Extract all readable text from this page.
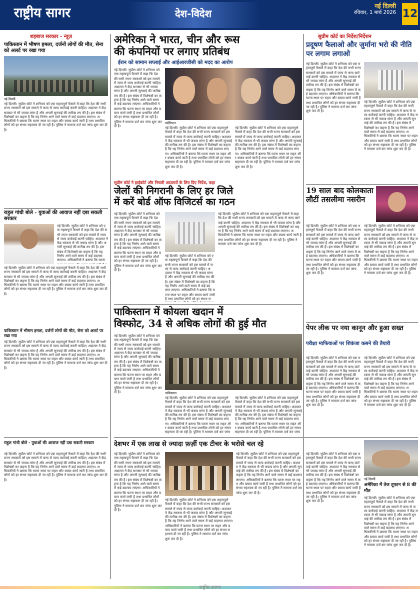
राष्ट्रीय सागर	देश-विदेश
नई दिल्ली
रविवार, 1 मार्च 2026 12
शहबाज सरकार - न्यूज़
पाकिस्तान में भीषण हमला, दर्जनों लोगों की मौत, सेना को अलर्ट पर रखा गया
नई दिल्ली
नई दिल्ली। सुप्रीम कोर्ट ने शनिवार को एक महत्वपूर्ण फैसले में कहा कि देश की सभी राज्य सरकारों को इस मामले में जल्द से जल्द कार्रवाई करनी चाहिए। अदालत ने केंद्र सरकार से भी जवाब मांगा है और अगली सुनवाई की तारीख तय की है। इस संबंध में विशेषज्ञों का कहना है कि यह निर्णय आने वाले समय में कई बदलाव लाएगा। अधिकारियों ने बताया कि घटना स्थल पर राहत और बचाव कार्य जारी है तथा प्रभावित लोगों को हर संभव सहायता दी जा रही है। पुलिस ने मामला दर्ज कर जांच शुरू कर दी है।
राहुल गांधी बोले - युवाओं की आवाज नहीं दबा सकती सरकार
नई दिल्ली। सुप्रीम कोर्ट ने शनिवार को एक महत्वपूर्ण फैसले में कहा कि देश की सभी राज्य सरकारों को इस मामले में जल्द से जल्द कार्रवाई करनी चाहिए। अदालत ने केंद्र सरकार से भी जवाब मांगा है और अगली सुनवाई की तारीख तय की है। इस संबंध में विशेषज्ञों का कहना है कि यह निर्णय आने वाले समय में कई बदलाव लाएगा। अधिकारियों ने बताया कि घटना
नई दिल्ली। सुप्रीम कोर्ट ने शनिवार को एक महत्वपूर्ण फैसले में कहा कि देश की सभी राज्य सरकारों को इस मामले में जल्द से जल्द कार्रवाई करनी चाहिए। अदालत ने केंद्र सरकार से भी जवाब मांगा है और अगली सुनवाई की तारीख तय की है। इस संबंध में विशेषज्ञों का कहना है कि यह निर्णय आने वाले समय में कई बदलाव लाएगा। अधिकारियों ने बताया कि घटना स्थल पर राहत और बचाव कार्य जारी है तथा प्रभावित लोगों को हर संभव सहायता दी जा रही है। पुलिस ने मामला दर्ज कर जांच शुरू कर दी है।
पाकिस्तान में भीषण हमला, दर्जनों लोगों की मौत, सेना को अलर्ट पर रखा गया
नई दिल्ली। सुप्रीम कोर्ट ने शनिवार को एक महत्वपूर्ण फैसले में कहा कि देश की सभी राज्य सरकारों को इस मामले में जल्द से जल्द कार्रवाई करनी चाहिए। अदालत ने केंद्र सरकार से भी जवाब मांगा है और अगली सुनवाई की तारीख तय की है। इस संबंध में विशेषज्ञों का कहना है कि यह निर्णय आने वाले समय में कई बदलाव लाएगा। अधिकारियों ने बताया कि घटना स्थल पर राहत और बचाव कार्य जारी है तथा प्रभावित लोगों को हर संभव सहायता दी जा रही है। पुलिस ने मामला दर्ज कर जांच शुरू कर दी है।
राहुल गांधी बोले - युवाओं की आवाज नहीं दबा सकती सरकार
नई दिल्ली। सुप्रीम कोर्ट ने शनिवार को एक महत्वपूर्ण फैसले में कहा कि देश की सभी राज्य सरकारों को इस मामले में जल्द से जल्द कार्रवाई करनी चाहिए। अदालत ने केंद्र सरकार से भी जवाब मांगा है और अगली सुनवाई की तारीख तय की है। इस संबंध में विशेषज्ञों का कहना है कि यह निर्णय आने वाले समय में कई बदलाव लाएगा। अधिकारियों ने बताया कि घटना स्थल पर राहत और बचाव कार्य जारी है तथा प्रभावित लोगों को हर संभव सहायता दी जा रही है। पुलिस ने मामला दर्ज कर जांच शुरू कर दी है।
अमेरिका ने भारत, चीन और रूस
की कंपनियों पर लगाए प्रतिबंध
ईरान को सामान सप्लाई और आईआरजीसी को मदद का आरोप
नई दिल्ली। सुप्रीम कोर्ट ने शनिवार को एक महत्वपूर्ण फैसले में कहा कि देश की सभी राज्य सरकारों को इस मामले में जल्द से जल्द कार्रवाई करनी चाहिए। अदालत ने केंद्र सरकार से भी जवाब मांगा है और अगली सुनवाई की तारीख तय की है। इस संबंध में विशेषज्ञों का कहना है कि यह निर्णय आने वाले समय में कई बदलाव लाएगा। अधिकारियों ने बताया कि घटना स्थल पर राहत और बचाव कार्य जारी है तथा प्रभावित लोगों को हर संभव सहायता दी जा रही है। पुलिस ने मामला दर्ज कर जांच शुरू कर दी है।
वाशिंगटन
नई दिल्ली। सुप्रीम कोर्ट ने शनिवार को एक महत्वपूर्ण फैसले में कहा कि देश की सभी राज्य सरकारों को इस मामले में जल्द से जल्द कार्रवाई करनी चाहिए। अदालत ने केंद्र सरकार से भी जवाब मांगा है और अगली सुनवाई की तारीख तय की है। इस संबंध में विशेषज्ञों का कहना है कि यह निर्णय आने वाले समय में कई बदलाव लाएगा। अधिकारियों ने बताया कि घटना स्थल पर राहत और बचाव कार्य जारी है तथा प्रभावित लोगों को हर संभव सहायता दी जा रही है। पुलिस ने मामला दर्ज कर जांच शुरू कर दी है।
नई दिल्ली। सुप्रीम कोर्ट ने शनिवार को एक महत्वपूर्ण फैसले में कहा कि देश की सभी राज्य सरकारों को इस मामले में जल्द से जल्द कार्रवाई करनी चाहिए। अदालत ने केंद्र सरकार से भी जवाब मांगा है और अगली सुनवाई की तारीख तय की है। इस संबंध में विशेषज्ञों का कहना है कि यह निर्णय आने वाले समय में कई बदलाव लाएगा। अधिकारियों ने बताया कि घटना स्थल पर राहत और बचाव कार्य जारी है तथा प्रभावित लोगों को हर संभव सहायता दी जा रही है। पुलिस ने मामला दर्ज कर जांच शुरू कर दी है।
सुप्रीम कोर्ट ने हाईकोर्ट और निचली अदालतों के लिए दिए निर्देश, कहा
जेलों की निगरानी के लिए हर जिले
में करें बोर्ड ऑफ विजिटर्स का गठन
नई दिल्ली। सुप्रीम कोर्ट ने शनिवार को एक महत्वपूर्ण फैसले में कहा कि देश की सभी राज्य सरकारों को इस मामले में जल्द से जल्द कार्रवाई करनी चाहिए। अदालत ने केंद्र सरकार से भी जवाब मांगा है और अगली सुनवाई की तारीख तय की है। इस संबंध में विशेषज्ञों का कहना है कि यह निर्णय आने वाले समय में कई बदलाव लाएगा। अधिकारियों ने बताया कि घटना स्थल पर राहत और बचाव कार्य जारी है तथा प्रभावित लोगों को हर संभव सहायता दी जा रही है। पुलिस ने मामला दर्ज कर जांच शुरू कर दी है।
नई दिल्ली। सुप्रीम कोर्ट ने शनिवार को एक महत्वपूर्ण फैसले में कहा कि देश की सभी राज्य सरकारों को इस मामले में जल्द से जल्द कार्रवाई करनी चाहिए। अदालत ने केंद्र सरकार से भी जवाब मांगा है और अगली सुनवाई की तारीख तय की है। इस संबंध में विशेषज्ञों का कहना है कि यह निर्णय आने वाले समय में कई बदलाव लाएगा। अधिकारियों ने बताया कि घटना स्थल पर राहत और बचाव कार्य जारी है तथा प्रभावित लोगों को हर संभव स
नई दिल्ली। सुप्रीम कोर्ट ने शनिवार को एक महत्वपूर्ण फैसले में कहा कि देश की सभी राज्य सरकारों को इस मामले में जल्द से जल्द कार्रवाई करनी चाहिए। अदालत ने केंद्र सरकार से भी जवाब मांगा है और अगली सुनवाई की तारीख तय की है। इस संबंध में विशेषज्ञों का कहना है कि यह निर्णय आने वाले समय में कई बदलाव लाएगा। अधिकारियों ने बताया कि घटना स्थल पर राहत और बचाव कार्य जारी है तथा प्रभावित लोगों को हर संभव सहायता दी जा रही है। पुलिस ने मामला दर्ज कर जांच शुरू कर दी है।
सुप्रीम कोर्ट का निर्देश/निर्देशन
प्रदूषण फैलाओ और जुर्माना भरो की नीति पर लगाम लगाओ
नई दिल्ली। सुप्रीम कोर्ट ने शनिवार को एक महत्वपूर्ण फैसले में कहा कि देश की सभी राज्य सरकारों को इस मामले में जल्द से जल्द कार्रवाई करनी चाहिए। अदालत ने केंद्र सरकार से भी जवाब मांगा है और अगली सुनवाई की तारीख तय की है। इस संबंध में विशेषज्ञों का कहना है कि यह निर्णय आने वाले समय में कई बदलाव लाएगा। अधिकारियों ने बताया कि घटना स्थल पर राहत और बचाव कार्य जारी है तथा प्रभावित लोगों को हर संभव सहायता दी जा रही है। पुलिस ने मामला दर्ज कर जांच शुरू कर दी है।
नई दिल्ली। सुप्रीम कोर्ट ने शनिवार को एक महत्वपूर्ण फैसले में कहा कि देश की सभी राज्य सरकारों को इस मामले में जल्द से जल्द कार्रवाई करनी चाहिए। अदालत ने केंद्र सरकार से भी जवाब मांगा है और अगली सुनवाई की तारीख तय की है। इस संबंध में विशेषज्ञों का कहना है कि यह निर्णय आने वाले समय में कई बदलाव लाएगा। अधिकारियों ने बताया कि घटना स्थल पर राहत और बचाव कार्य जारी है तथा प्रभावित लोगों को हर संभव सहायता दी जा रही है। पुलिस ने मामला दर्ज कर जांच शुरू कर दी है।
19 साल बाद कोलकाता लौटीं तसलीमा नसरीन
नई दिल्ली। सुप्रीम कोर्ट ने शनिवार को एक महत्वपूर्ण फैसले में कहा कि देश की सभी राज्य सरकारों को इस मामले में जल्द से जल्द कार्रवाई करनी चाहिए। अदालत ने केंद्र सरकार से भी जवाब मांगा है और अगली सुनवाई की तारीख तय की है। इस संबंध में विशेषज्ञों का कहना है कि यह निर्णय आने वाले समय में कई बदलाव लाएगा। अधिकारियों ने बताया कि घटना स्थल पर राहत और बचाव कार्य जारी है तथा प्रभावित लोगों को हर संभव सहायता दी जा रही है। पुलिस ने मामला दर्ज कर जांच शुरू कर दी है।
नई दिल्ली। सुप्रीम कोर्ट ने शनिवार को एक महत्वपूर्ण फैसले में कहा कि देश की सभी राज्य सरकारों को इस मामले में जल्द से जल्द कार्रवाई करनी चाहिए। अदालत ने केंद्र सरकार से भी जवाब मांगा है और अगली सुनवाई की तारीख तय की है। इस संबंध में विशेषज्ञों का कहना है कि यह निर्णय आने वाले समय में कई बदलाव लाएगा। अधिकारियों ने बताया कि घटना स्थल पर राहत और बचाव कार्य जारी है तथा प्रभावित लोगों को हर संभव सहायता दी जा रही है। पुलिस ने मामला दर्ज कर जांच शुरू कर दी है।
पाकिस्तान में कोयला खदान में
विस्फोट, 34 से अधिक लोगों की हुई मौत
नई दिल्ली। सुप्रीम कोर्ट ने शनिवार को एक महत्वपूर्ण फैसले में कहा कि देश की सभी राज्य सरकारों को इस मामले में जल्द से जल्द कार्रवाई करनी चाहिए। अदालत ने केंद्र सरकार से भी जवाब मांगा है और अगली सुनवाई की तारीख तय की है। इस संबंध में विशेषज्ञों का कहना है कि यह निर्णय आने वाले समय में कई बदलाव लाएगा। अधिकारियों ने बताया कि घटना स्थल पर राहत और बचाव कार्य जारी है तथा प्रभावित लोगों को हर संभव सहायता दी जा रही है। पुलिस ने मामला दर्ज कर जांच शुरू कर दी है।	पाकिस्तान
नई दिल्ली। सुप्रीम कोर्ट ने शनिवार को एक महत्वपूर्ण फैसले में कहा कि देश की सभी राज्य सरकारों को इस मामले में जल्द से जल्द कार्रवाई करनी चाहिए। अदालत ने केंद्र सरकार से भी जवाब मांगा है और अगली सुनवाई की तारीख तय की है। इस संबंध में विशेषज्ञों का कहना है कि यह निर्णय आने वाले समय में कई बदलाव लाएगा। अधिकारियों ने बताया कि घटना स्थल पर राहत और बचाव कार्य जारी है तथा प्रभावित लोगों को हर संभव सहायता दी जा रही है। पुलिस ने मामला दर्ज कर जांच
नई दिल्ली। सुप्रीम कोर्ट ने शनिवार को एक महत्वपूर्ण फैसले में कहा कि देश की सभी राज्य सरकारों को इस मामले में जल्द से जल्द कार्रवाई करनी चाहिए। अदालत ने केंद्र सरकार से भी जवाब मांगा है और अगली सुनवाई की तारीख तय की है। इस संबंध में विशेषज्ञों का कहना है कि यह निर्णय आने वाले समय में कई बदलाव लाएगा। अधिकारियों ने बताया कि घटना स्थल पर राहत और बचाव कार्य जारी है तथा प्रभावित लोगों को हर संभव सहायता दी जा रही है। पुलिस ने मामला दर्ज कर जांच
पेपर लीक पर नया कानून और हुआ सख्त
परीक्षा माफियाओं पर शिकंजा कसने की तैयारी
नई दिल्ली। सुप्रीम कोर्ट ने शनिवार को एक महत्वपूर्ण फैसले में कहा कि देश की सभी राज्य सरकारों को इस मामले में जल्द से जल्द कार्रवाई करनी चाहिए। अदालत ने केंद्र सरकार से भी जवाब मांगा है और अगली सुनवाई की तारीख तय की है। इस संबंध में विशेषज्ञों का कहना है कि यह निर्णय आने वाले समय में कई बदलाव लाएगा। अधिकारियों ने बताया कि घटना स्थल पर राहत और बचाव कार्य जारी है तथा प्रभावित लोगों को हर संभव सहायता दी जा रही है। पुलिस ने मामला दर्ज कर जांच शुरू कर दी है।
नई दिल्ली। सुप्रीम कोर्ट ने शनिवार को एक महत्वपूर्ण फैसले में कहा कि देश की सभी राज्य सरकारों को इस मामले में जल्द से जल्द कार्रवाई करनी चाहिए। अदालत ने केंद्र सरकार से भी जवाब मांगा है और अगली सुनवाई की तारीख तय की है। इस संबंध में विशेषज्ञों का कहना है कि यह निर्णय आने वाले समय में कई बदलाव लाएगा। अधिकारियों ने बताया कि घटना स्थल पर राहत और बचाव कार्य जारी है तथा प्रभावित लोगों को हर संभव सहायता दी जा रही है। पुलिस ने मामला दर्ज कर जांच शुरू कर दी है।
देशभर में एक लाख से ज्यादा फ़र्ज़ी एक टीचर के भरोसे चल रहे
नई दिल्ली। सुप्रीम कोर्ट ने शनिवार को एक महत्वपूर्ण फैसले में कहा कि देश की सभी राज्य सरकारों को इस मामले में जल्द से जल्द कार्रवाई करनी चाहिए। अदालत ने केंद्र सरकार से भी जवाब मांगा है और अगली सुनवाई की तारीख तय की है। इस संबंध में विशेषज्ञों का कहना है कि यह निर्णय आने वाले समय में कई बदलाव लाएगा। अधिकारियों ने बताया कि घटना स्थल पर राहत और बचाव कार्य जारी है तथा प्रभावित लोगों को हर संभव सहायता दी जा रही है। पुलिस ने मामला दर्ज कर जांच शुरू कर दी है।
नई दिल्ली। सुप्रीम कोर्ट ने शनिवार को एक महत्वपूर्ण फैसले में कहा कि देश की सभी राज्य सरकारों को इस मामले में जल्द से जल्द कार्रवाई करनी चाहिए। अदालत ने केंद्र सरकार से भी जवाब मांगा है और अगली सुनवाई की तारीख तय की है। इस संबंध में विशेषज्ञों का कहना है कि यह निर्णय आने वाले समय में कई बदलाव लाएगा। अधिकारियों ने बताया कि घटना स्थल पर राहत और बचाव कार्य जारी है तथा प्रभावित लोगों को हर संभव सहायता दी जा रही है। पुलिस ने मामला दर्ज कर जांच शुरू कर दी है।
नई दिल्ली। सुप्रीम कोर्ट ने शनिवार को एक महत्वपूर्ण फैसले में कहा कि देश की सभी राज्य सरकारों को इस मामले में जल्द से जल्द कार्रवाई करनी चाहिए। अदालत ने केंद्र सरकार से भी जवाब मांगा है और अगली सुनवाई की तारीख तय की है। इस संबंध में विशेषज्ञों का कहना है कि यह निर्णय आने वाले समय में कई बदलाव लाएगा। अधिकारियों ने बताया कि घटना स्थल पर राहत और बचाव कार्य जारी है तथा प्रभावित लोगों को हर संभव सहायता दी जा रही है। पुलिस ने मामला दर्ज कर जांच शुरू कर दी है।
नई दिल्ली। सुप्रीम कोर्ट ने शनिवार को एक महत्वपूर्ण फैसले में कहा कि देश की सभी राज्य सरकारों को इस मामले में जल्द से जल्द कार्रवाई करनी चाहिए। अदालत ने केंद्र सरकार से भी जवाब मांगा है और अगली सुनवाई की तारीख तय की है। इस संबंध में विशेषज्ञों का कहना है कि यह निर्णय आने वाले समय में कई बदलाव लाएगा। अधिकारियों ने बताया कि घटना स्थल पर राहत और बचाव कार्य जारी है तथा प्रभावित लोगों को हर संभव सहायता दी जा रही है। पुलिस ने मामला दर्ज कर जांच शुरू कर दी है।
नई दिल्ली
अमेरिका में तेज तूफान से 8 की मौत
नई दिल्ली। सुप्रीम कोर्ट ने शनिवार को एक महत्वपूर्ण फैसले में कहा कि देश की सभी राज्य सरकारों को इस मामले में जल्द से जल्द कार्रवाई करनी चाहिए। अदालत ने केंद्र सरकार से भी जवाब मांगा है और अगली सुनवाई की तारीख तय की है। इस संबंध में विशेषज्ञों का कहना है कि यह निर्णय आने वाले समय में कई बदलाव लाएगा। अधिकारियों ने बताया कि घटना स्थल पर राहत और बचाव कार्य जारी है तथा प्रभावित लोगों को हर संभव सहायता दी जा रही है। पुलिस ने मामला दर्ज कर जांच शुरू कर दी है।
राष्ट्रीय सागर
